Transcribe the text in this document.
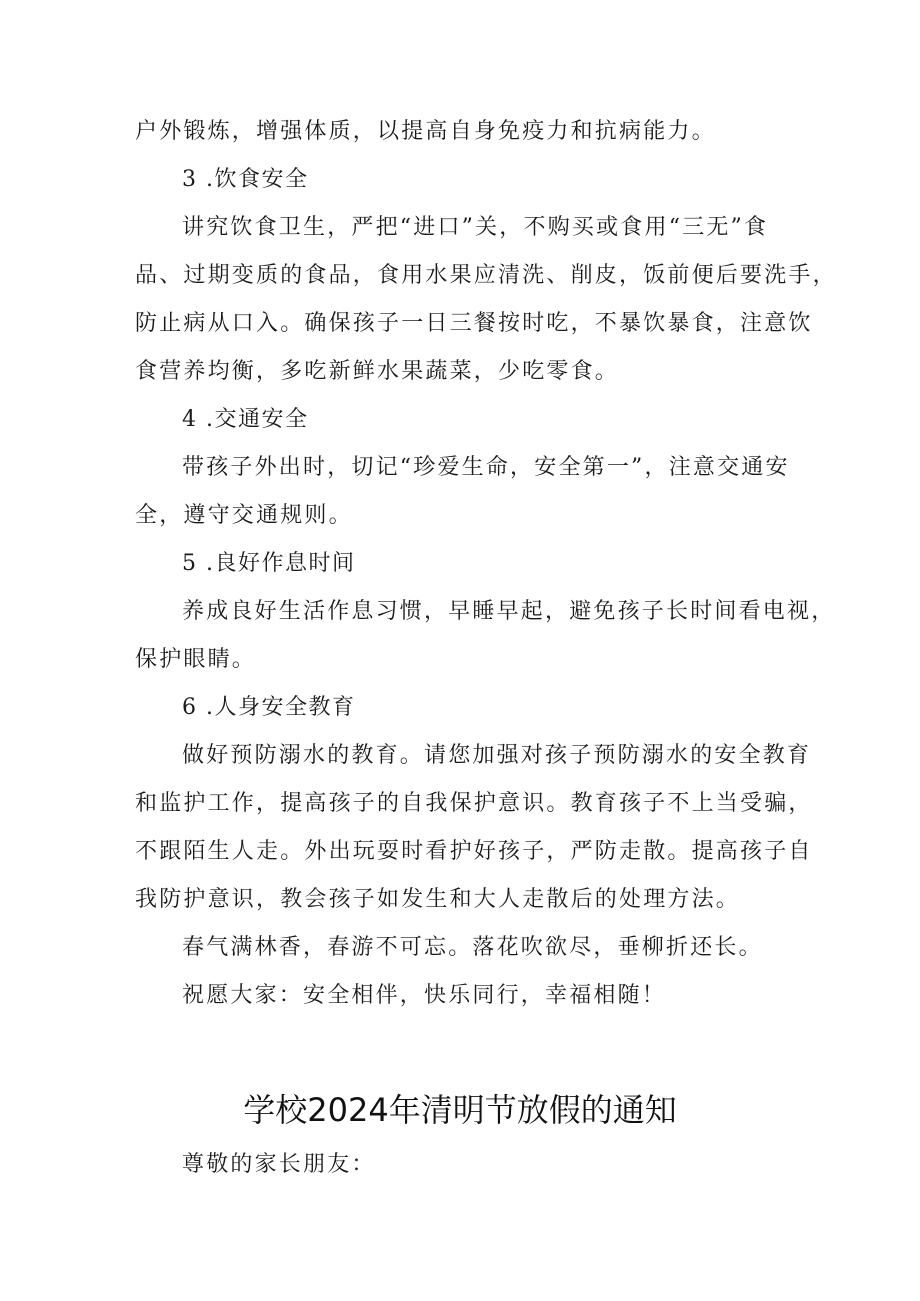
户外锻炼，增强体质，以提高自身免疫力和抗病能力。
3 .饮食安全
讲究饮食卫生，严把“进口”关，不购买或食用“三无”食
品、过期变质的食品，食用水果应清洗、削皮，饭前便后要洗手，
防止病从口入。确保孩子一日三餐按时吃，不暴饮暴食，注意饮
食营养均衡，多吃新鲜水果蔬菜，少吃零食。
4 .交通安全
带孩子外出时，切记“珍爱生命，安全第一”，注意交通安
全，遵守交通规则。
5 .良好作息时间
养成良好生活作息习惯，早睡早起，避免孩子长时间看电视，
保护眼睛。
6 .人身安全教育
做好预防溺水的教育。请您加强对孩子预防溺水的安全教育
和监护工作，提高孩子的自我保护意识。教育孩子不上当受骗，
不跟陌生人走。外出玩耍时看护好孩子，严防走散。提高孩子自
我防护意识，教会孩子如发生和大人走散后的处理方法。
春气满林香，春游不可忘。落花吹欲尽，垂柳折还长。
祝愿大家：安全相伴，快乐同行，幸福相随！
学校2024年清明节放假的通知
尊敬的家长朋友：
